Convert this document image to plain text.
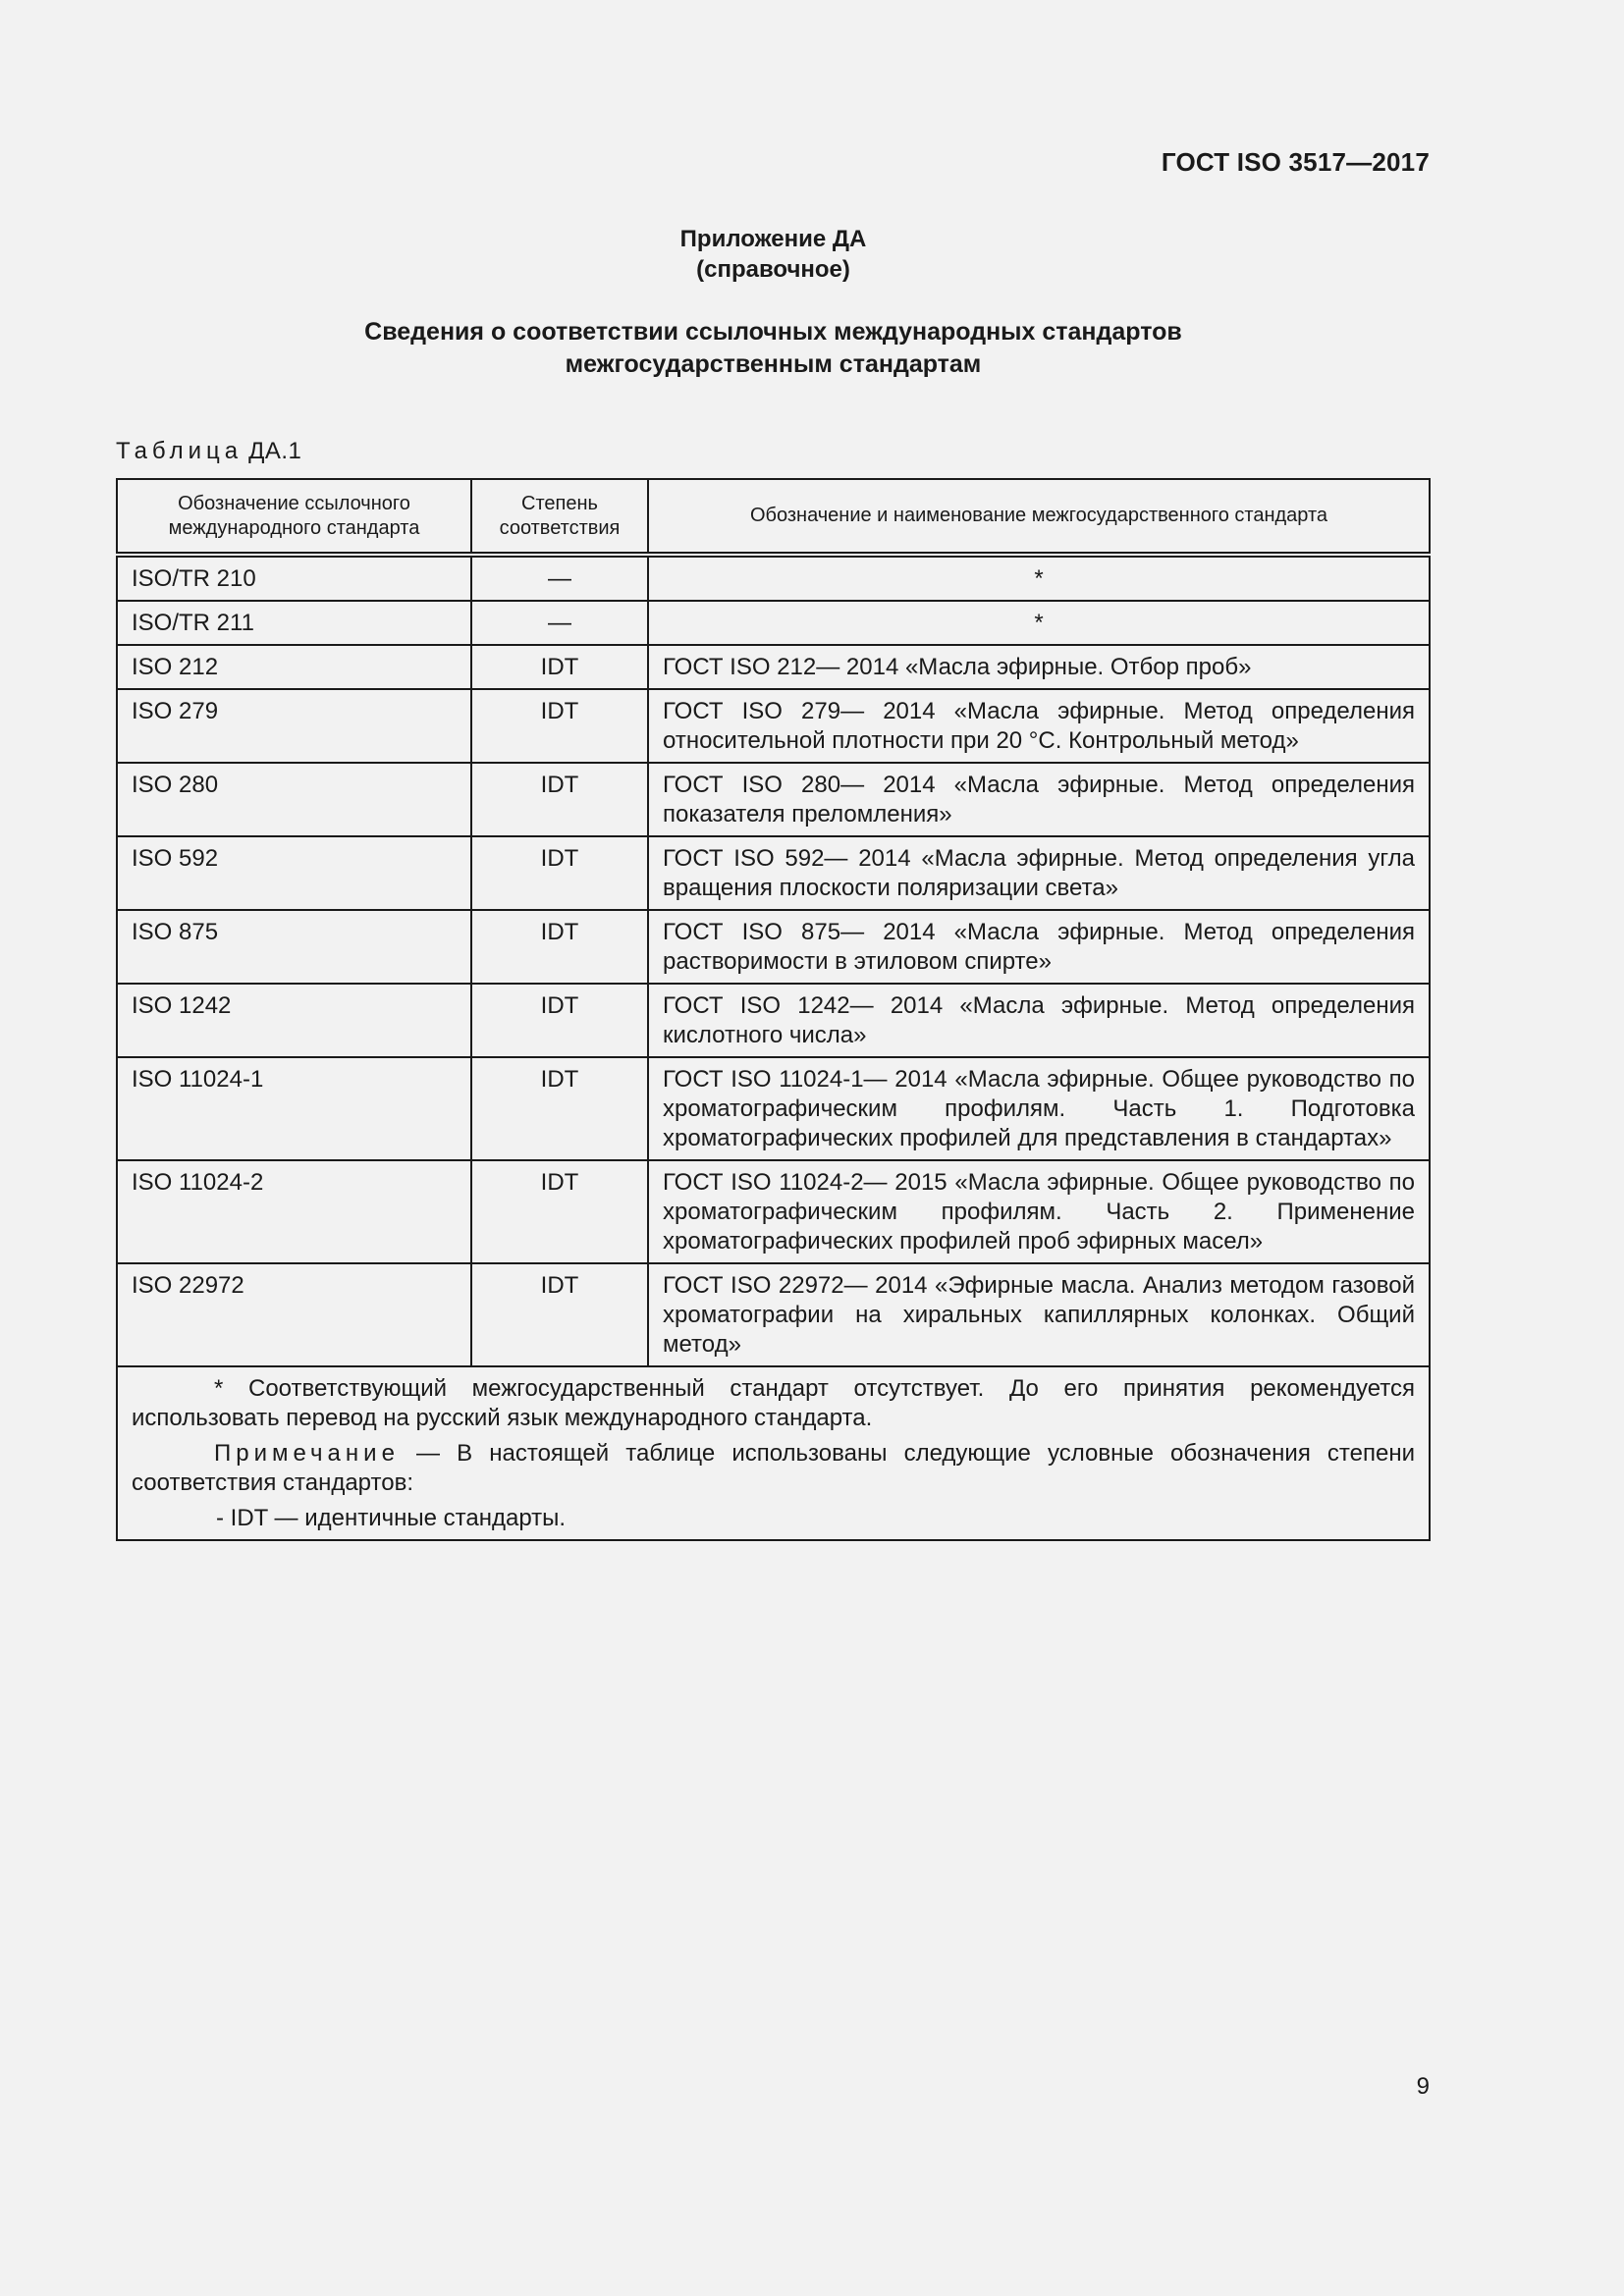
ГОСТ ISO 3517—2017
Приложение ДА
(справочное)
Сведения о соответствии ссылочных международных стандартов
межгосударственным стандартам
Таблица ДА.1
Обозначение ссылочного международного стандарта	Степень соответствия	Обозначение и наименование межгосударственного стандарта
ISO/TR 210	—	*
ISO/TR 211	—	*
ISO 212	IDT	ГОСТ ISO 212— 2014 «Масла эфирные. Отбор проб»
ISO 279	IDT	ГОСТ ISO 279— 2014 «Масла эфирные. Метод определения относительной плотности при 20 °С. Контрольный метод»
ISO 280	IDT	ГОСТ ISO 280— 2014 «Масла эфирные. Метод определения показателя преломления»
ISO 592	IDT	ГОСТ ISO 592— 2014 «Масла эфирные. Метод определения угла вращения плоскости поляризации света»
ISO 875	IDT	ГОСТ ISO 875— 2014 «Масла эфирные. Метод определения растворимости в этиловом спирте»
ISO 1242	IDT	ГОСТ ISO 1242— 2014 «Масла эфирные. Метод определения кислотного числа»
ISO 11024-1	IDT	ГОСТ ISO 11024-1— 2014 «Масла эфирные. Общее руководство по хроматографическим профилям. Часть 1. Подготовка хроматографических профилей для представления в стандартах»
ISO 11024-2	IDT	ГОСТ ISO 11024-2— 2015 «Масла эфирные. Общее руководство по хроматографическим профилям. Часть 2. Применение хроматографических профилей проб эфирных масел»
ISO 22972	IDT	ГОСТ ISO 22972— 2014 «Эфирные масла. Анализ методом газовой хроматографии на хиральных капиллярных колонках. Общий метод»

* Соответствующий межгосударственный стандарт отсутствует. До его принятия рекомендуется использовать перевод на русский язык международного стандарта.

Примечание — В настоящей таблице использованы следующие условные обозначения степени соответствия стандартов:

- IDT — идентичные стандарты.		
9
